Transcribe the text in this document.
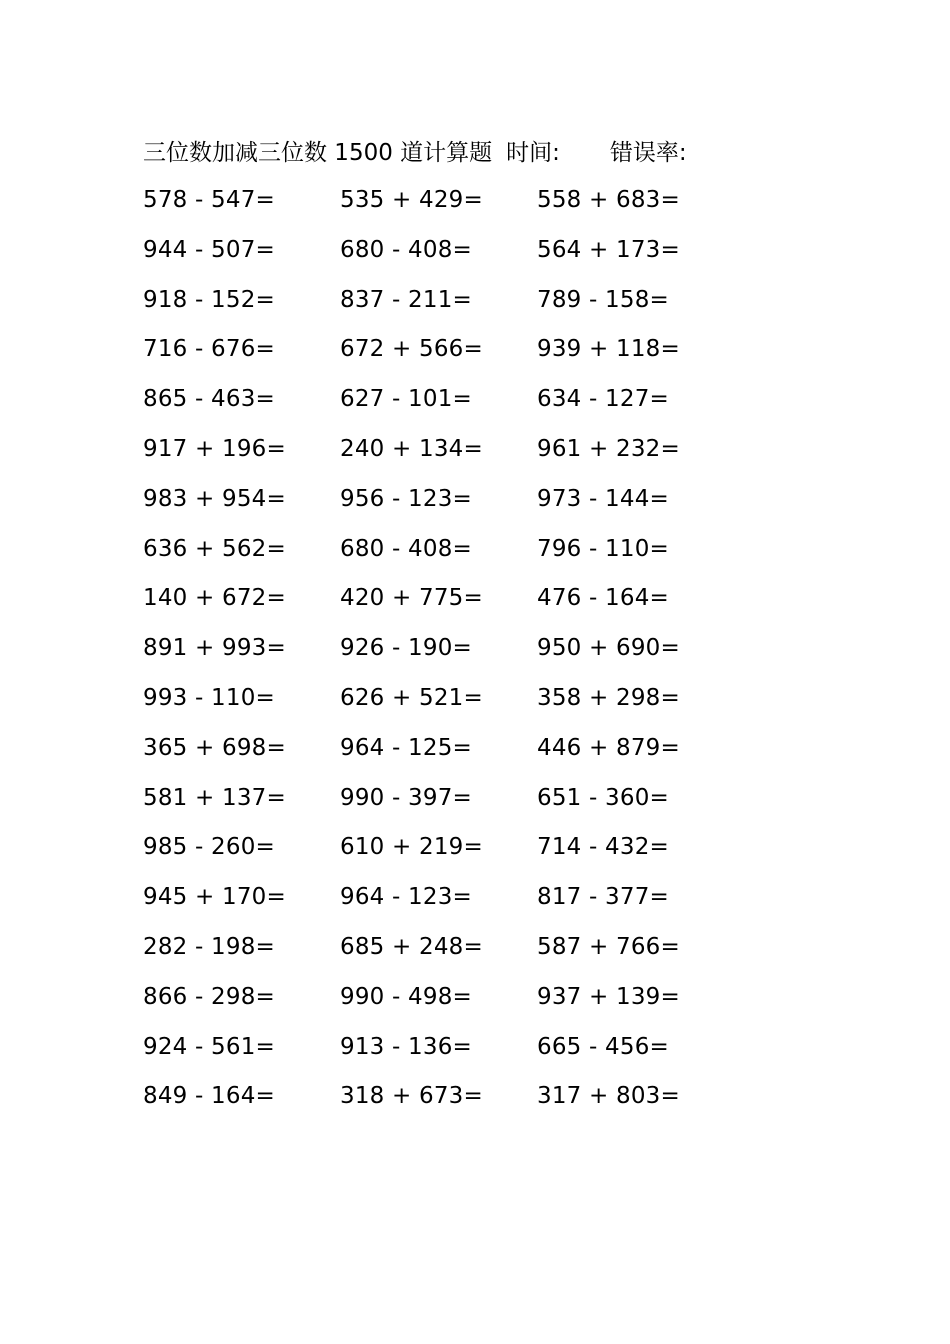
三位数加减三位数 1500 道计算题 时间: 错误率:
578 - 547=	535 + 429=	558 + 683=
944 - 507=	680 - 408=	564 + 173=
918 - 152=	837 - 211=	789 - 158=
716 - 676=	672 + 566=	939 + 118=
865 - 463=	627 - 101=	634 - 127=
917 + 196=	240 + 134=	961 + 232=
983 + 954=	956 - 123=	973 - 144=
636 + 562=	680 - 408=	796 - 110=
140 + 672=	420 + 775=	476 - 164=
891 + 993=	926 - 190=	950 + 690=
993 - 110=	626 + 521=	358 + 298=
365 + 698=	964 - 125=	446 + 879=
581 + 137=	990 - 397=	651 - 360=
985 - 260=	610 + 219=	714 - 432=
945 + 170=	964 - 123=	817 - 377=
282 - 198=	685 + 248=	587 + 766=
866 - 298=	990 - 498=	937 + 139=
924 - 561=	913 - 136=	665 - 456=
849 - 164=	318 + 673=	317 + 803=
